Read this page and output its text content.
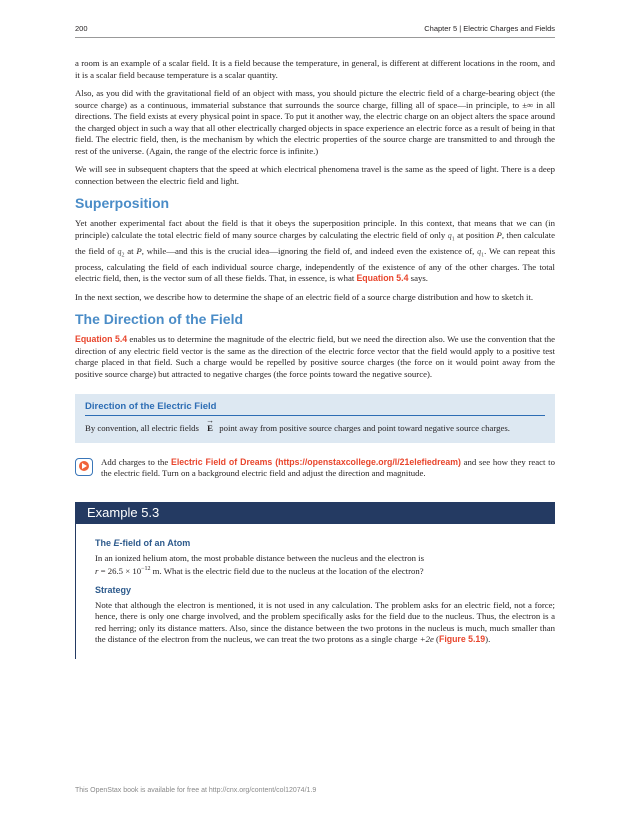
200	Chapter 5 | Electric Charges and Fields

a room is an example of a scalar field. It is a field because the temperature, in general, is different at different locations in the room, and it is a scalar field because temperature is a scalar quantity.

Also, as you did with the gravitational field of an object with mass, you should picture the electric field of a charge-bearing object (the source charge) as a continuous, immaterial substance that surrounds the source charge, filling all of space—in principle, to ±∞ in all directions. The field exists at every physical point in space. To put it another way, the electric charge on an object alters the space around the charged object in such a way that all other electrically charged objects in space experience an electric force as a result of being in that field. The electric field, then, is the mechanism by which the electric properties of the source charge are transmitted to and through the rest of the universe. (Again, the range of the electric force is infinite.)

We will see in subsequent chapters that the speed at which electrical phenomena travel is the same as the speed of light. There is a deep connection between the electric field and light.

Superposition

Yet another experimental fact about the field is that it obeys the superposition principle. In this context, that means that we can (in principle) calculate the total electric field of many source charges by calculating the electric field of only $q_1$ at position P, then calculate the field of $q_2$ at P, while—and this is the crucial idea—ignoring the field of, and indeed even the existence of, $q_1$. We can repeat this process, calculating the field of each individual source charge, independently of the existence of any of the other charges. The total electric field, then, is the vector sum of all these fields. That, in essence, is what Equation 5.4 says.

In the next section, we describe how to determine the shape of an electric field of a source charge distribution and how to sketch it.

The Direction of the Field

Equation 5.4 enables us to determine the magnitude of the electric field, but we need the direction also. We use the convention that the direction of any electric field vector is the same as the direction of the electric force vector that the field would apply to a positive test charge placed in that field. Such a charge would be repelled by positive source charges (the force on it would point away from the positive source charge) but attracted to negative charges (the force points toward the negative source).

Direction of the Electric Field

By convention, all electric fields
→
E point away from positive source charges and point toward negative source charges.

Add charges to the Electric Field of Dreams (https://openstaxcollege.org/l/21elefiedream) and see how they react to the electric field. Turn on a background electric field and adjust the direction and magnitude.

Example 5.3
The E-field of an Atom

In an ionized helium atom, the most probable distance between the nucleus and the electron is
$r = 26.5 \times 10^{-12}$ m. What is the electric field due to the nucleus at the location of the electron?

Strategy

Note that although the electron is mentioned, it is not used in any calculation. The problem asks for an electric field, not a force; hence, there is only one charge involved, and the problem specifically asks for the field due to the nucleus. Thus, the electron is a red herring; only its distance matters. Also, since the distance between the two protons in the nucleus is much, much smaller than the distance of the electron from the nucleus, we can treat the two protons as a single charge +2e (Figure 5.19).

This OpenStax book is available for free at http://cnx.org/content/col12074/1.9
